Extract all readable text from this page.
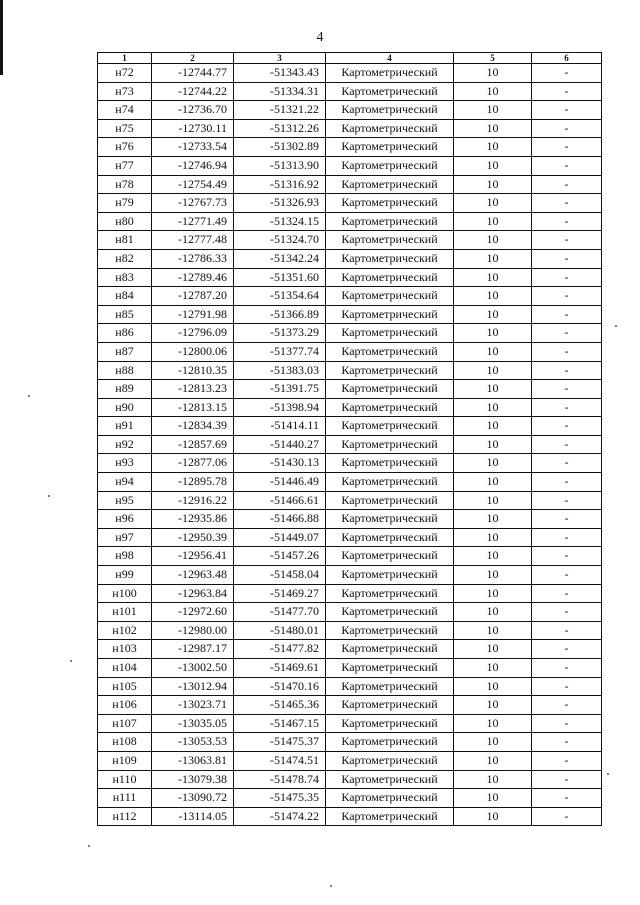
4
1	2	3	4	5	6
н72	-12744.77	-51343.43	Картометрический	10	-
н73	-12744.22	-51334.31	Картометрический	10	-
н74	-12736.70	-51321.22	Картометрический	10	-
н75	-12730.11	-51312.26	Картометрический	10	-
н76	-12733.54	-51302.89	Картометрический	10	-
н77	-12746.94	-51313.90	Картометрический	10	-
н78	-12754.49	-51316.92	Картометрический	10	-
н79	-12767.73	-51326.93	Картометрический	10	-
н80	-12771.49	-51324.15	Картометрический	10	-
н81	-12777.48	-51324.70	Картометрический	10	-
н82	-12786.33	-51342.24	Картометрический	10	-
н83	-12789.46	-51351.60	Картометрический	10	-
н84	-12787.20	-51354.64	Картометрический	10	-
н85	-12791.98	-51366.89	Картометрический	10	-
н86	-12796.09	-51373.29	Картометрический	10	-
н87	-12800.06	-51377.74	Картометрический	10	-
н88	-12810.35	-51383.03	Картометрический	10	-
н89	-12813.23	-51391.75	Картометрический	10	-
н90	-12813.15	-51398.94	Картометрический	10	-
н91	-12834.39	-51414.11	Картометрический	10	-
н92	-12857.69	-51440.27	Картометрический	10	-
н93	-12877.06	-51430.13	Картометрический	10	-
н94	-12895.78	-51446.49	Картометрический	10	-
н95	-12916.22	-51466.61	Картометрический	10	-
н96	-12935.86	-51466.88	Картометрический	10	-
н97	-12950.39	-51449.07	Картометрический	10	-
н98	-12956.41	-51457.26	Картометрический	10	-
н99	-12963.48	-51458.04	Картометрический	10	-
н100	-12963.84	-51469.27	Картометрический	10	-
н101	-12972.60	-51477.70	Картометрический	10	-
н102	-12980.00	-51480.01	Картометрический	10	-
н103	-12987.17	-51477.82	Картометрический	10	-
н104	-13002.50	-51469.61	Картометрический	10	-
н105	-13012.94	-51470.16	Картометрический	10	-
н106	-13023.71	-51465.36	Картометрический	10	-
н107	-13035.05	-51467.15	Картометрический	10	-
н108	-13053.53	-51475.37	Картометрический	10	-
н109	-13063.81	-51474.51	Картометрический	10	-
н110	-13079.38	-51478.74	Картометрический	10	-
н111	-13090.72	-51475.35	Картометрический	10	-
н112	-13114.05	-51474.22	Картометрический	10	-
